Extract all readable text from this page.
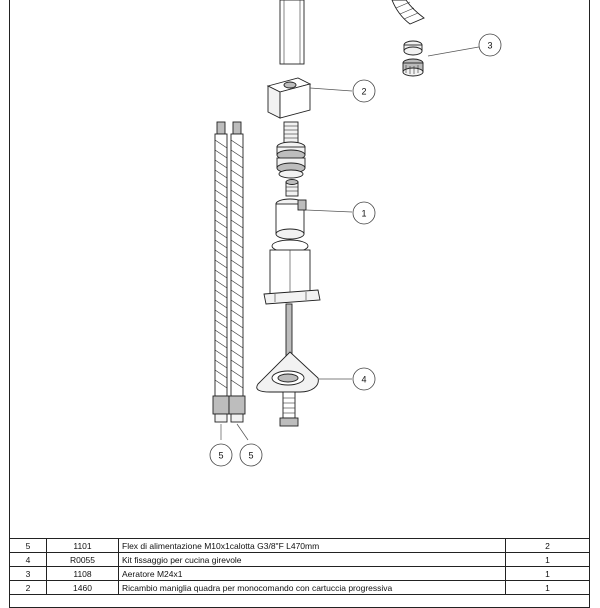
1
2
3
4
5	5
5	1101	Flex di alimentazione M10x1calotta G3/8"F L470mm	2
4	R0055	Kit fissaggio per cucina girevole	1
3	1108	Aeratore M24x1	1
2	1460	Ricambio maniglia quadra per monocomando con cartuccia progressiva	1
